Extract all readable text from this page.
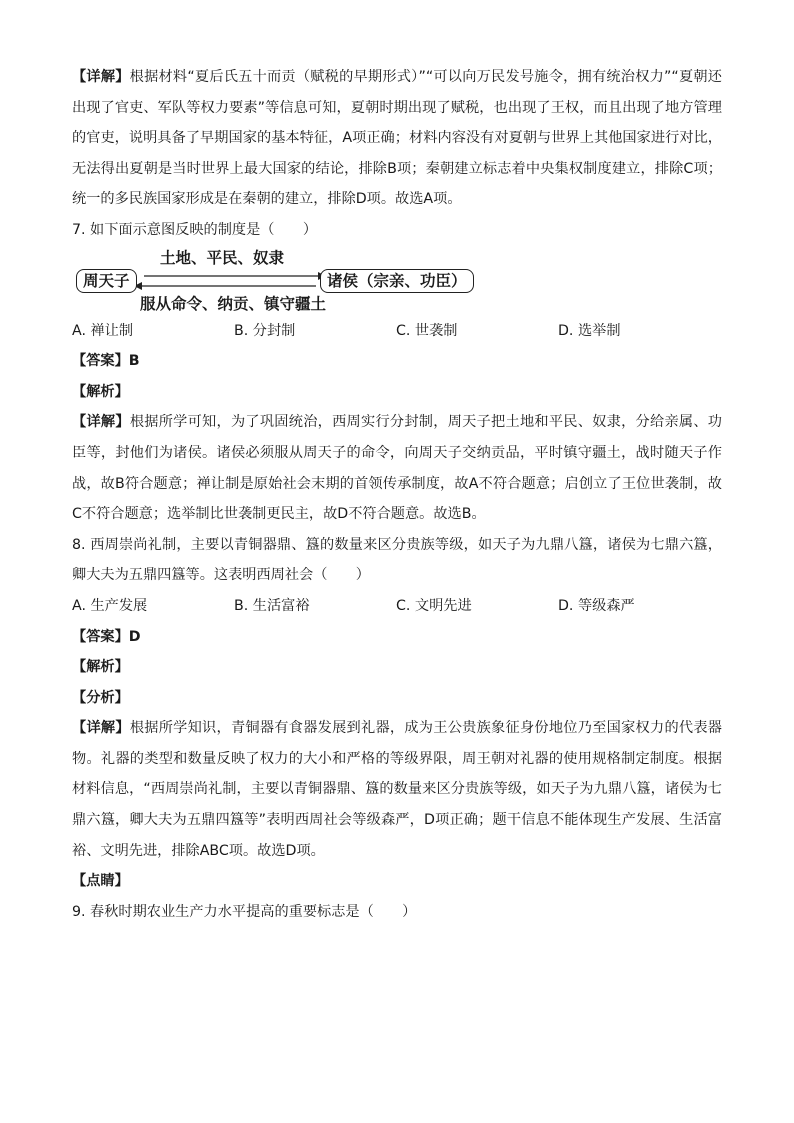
【详解】根据材料“夏后氏五十而贡（赋税的早期形式）”“可以向万民发号施令，拥有统治权力”“夏朝还出现了官吏、军队等权力要素”等信息可知，夏朝时期出现了赋税，也出现了王权，而且出现了地方管理的官吏，说明具备了早期国家的基本特征，A项正确；材料内容没有对夏朝与世界上其他国家进行对比，无法得出夏朝是当时世界上最大国家的结论，排除B项；秦朝建立标志着中央集权制度建立，排除C项；统一的多民族国家形成是在秦朝的建立，排除D项。故选A项。

7. 如下面示意图反映的制度是（　　）

土地、平民、奴隶
周天子	诸侯（宗亲、功臣）
服从命令、纳贡、镇守疆土
A. 禅让制	B. 分封制	C. 世袭制	D. 选举制

【答案】B

【解析】

【详解】根据所学可知，为了巩固统治，西周实行分封制，周天子把土地和平民、奴隶，分给亲属、功臣等，封他们为诸侯。诸侯必须服从周天子的命令，向周天子交纳贡品，平时镇守疆土，战时随天子作战，故B符合题意；禅让制是原始社会末期的首领传承制度，故A不符合题意；启创立了王位世袭制，故C不符合题意；选举制比世袭制更民主，故D不符合题意。故选B。

8. 西周崇尚礼制，主要以青铜器鼎、簋的数量来区分贵族等级，如天子为九鼎八簋，诸侯为七鼎六簋，卿大夫为五鼎四簋等。这表明西周社会（　　）

A. 生产发展	B. 生活富裕	C. 文明先进	D. 等级森严

【答案】D

【解析】

【分析】

【详解】根据所学知识，青铜器有食器发展到礼器，成为王公贵族象征身份地位乃至国家权力的代表器物。礼器的类型和数量反映了权力的大小和严格的等级界限，周王朝对礼器的使用规格制定制度。根据材料信息，“西周崇尚礼制，主要以青铜器鼎、簋的数量来区分贵族等级，如天子为九鼎八簋，诸侯为七鼎六簋，卿大夫为五鼎四簋等”表明西周社会等级森严，D项正确；题干信息不能体现生产发展、生活富裕、文明先进，排除ABC项。故选D项。

【点睛】

9. 春秋时期农业生产力水平提高的重要标志是（　　）
